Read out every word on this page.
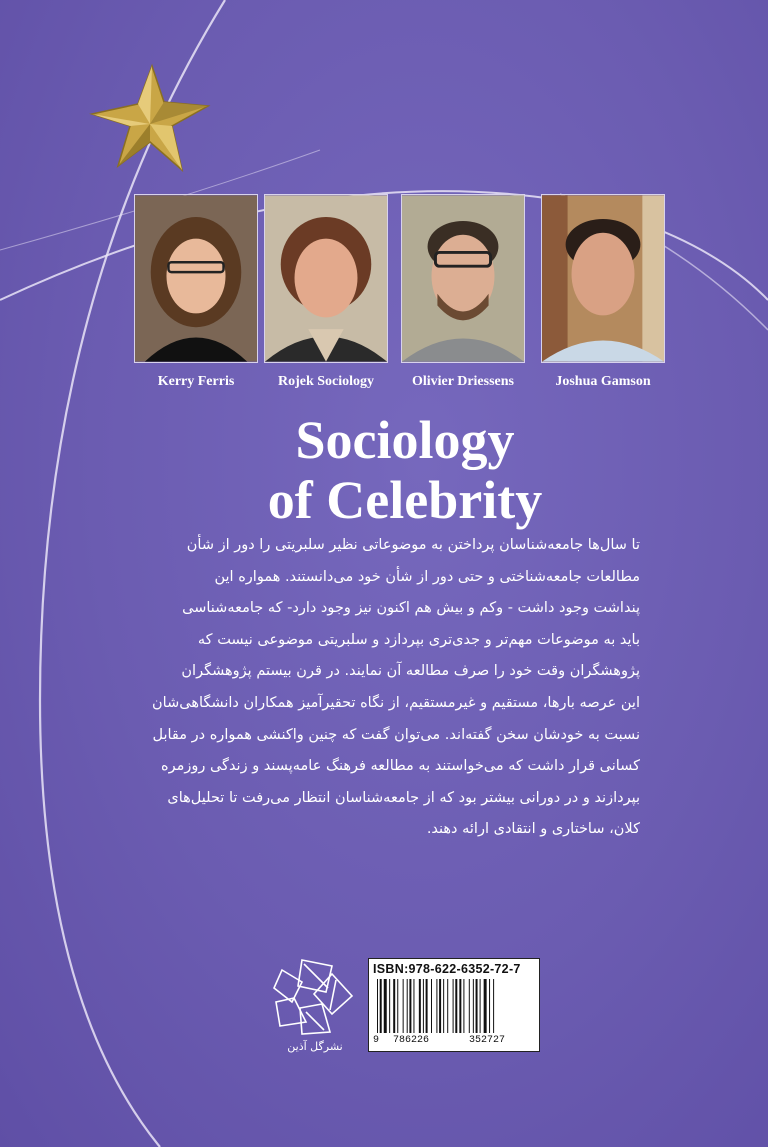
Kerry Ferris	Rojek Sociology	Olivier Driessens	Joshua Gamson
Sociology
of Celebrity
تا سال‌ها جامعه‌شناسان پرداختن به موضوعاتی نظیر سلبریتی را دور از شأن
مطالعات جامعه‌شناختی و حتی دور از شأن خود می‌دانستند. همواره این
پنداشت وجود داشت - وکم و بیش هم اکنون نیز وجود دارد- که جامعه‌شناسی
باید به موضوعات مهم‌تر و جدی‌تری بپردازد و سلبریتی موضوعی نیست که
پژوهشگران وقت خود را صرف مطالعه آن نمایند. در قرن بیستم پژوهشگران
این عرصه بارها، مستقیم و غیرمستقیم، از نگاه تحقیرآمیز همکاران دانشگاهی‌شان
نسبت به خودشان سخن گفته‌اند. می‌توان گفت که چنین واکنشی همواره در مقابل
کسانی قرار داشت که می‌خواستند به مطالعه فرهنگ عامه‌پسند و زندگی روزمره
بپردازند و در دورانی بیشتر بود که از جامعه‌شناسان انتظار می‌رفت تا تحلیل‌های
کلان، ساختاری و انتقادی ارائه دهند.
نشرگل آذین
ISBN:978-622-6352-72-7
9 786226	352727
